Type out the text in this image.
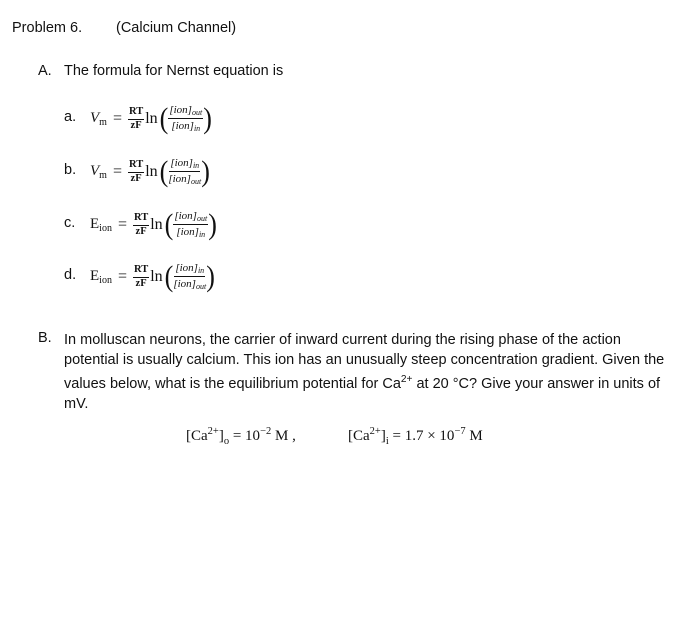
Problem 6. (Calcium Channel)
A. The formula for Nernst equation is
a. $V_m = \frac{RT}{zF}$ ln ( $\frac{\text{[ion]out}}{\text{[ion]in}}$ )
b. $V_m = \frac{RT}{zF}$ ln ( $\frac{\text{[ion]in}}{\text{[ion]out}}$ )
c. $E_{ion} = \frac{RT}{zF}$ ln ( $\frac{\text{[ion]out}}{\text{[ion]in}}$ )
d. $E_{ion} = \frac{RT}{zF}$ ln ( $\frac{\text{[ion]in}}{\text{[ion]out}}$ )
B. In molluscan neurons, the carrier of inward current during the rising phase of the action potential is usually calcium. This ion has an unusually steep concentration gradient. Given the values below, what is the equilibrium potential for $Ca^{2+}$ at 20 °C? Give your answer in units of mV.
$[Ca^{2+}]_o = 10^{-2}$ M ,	$[Ca^{2+}]_i = 1.7 \times 10^{-7}$ M
